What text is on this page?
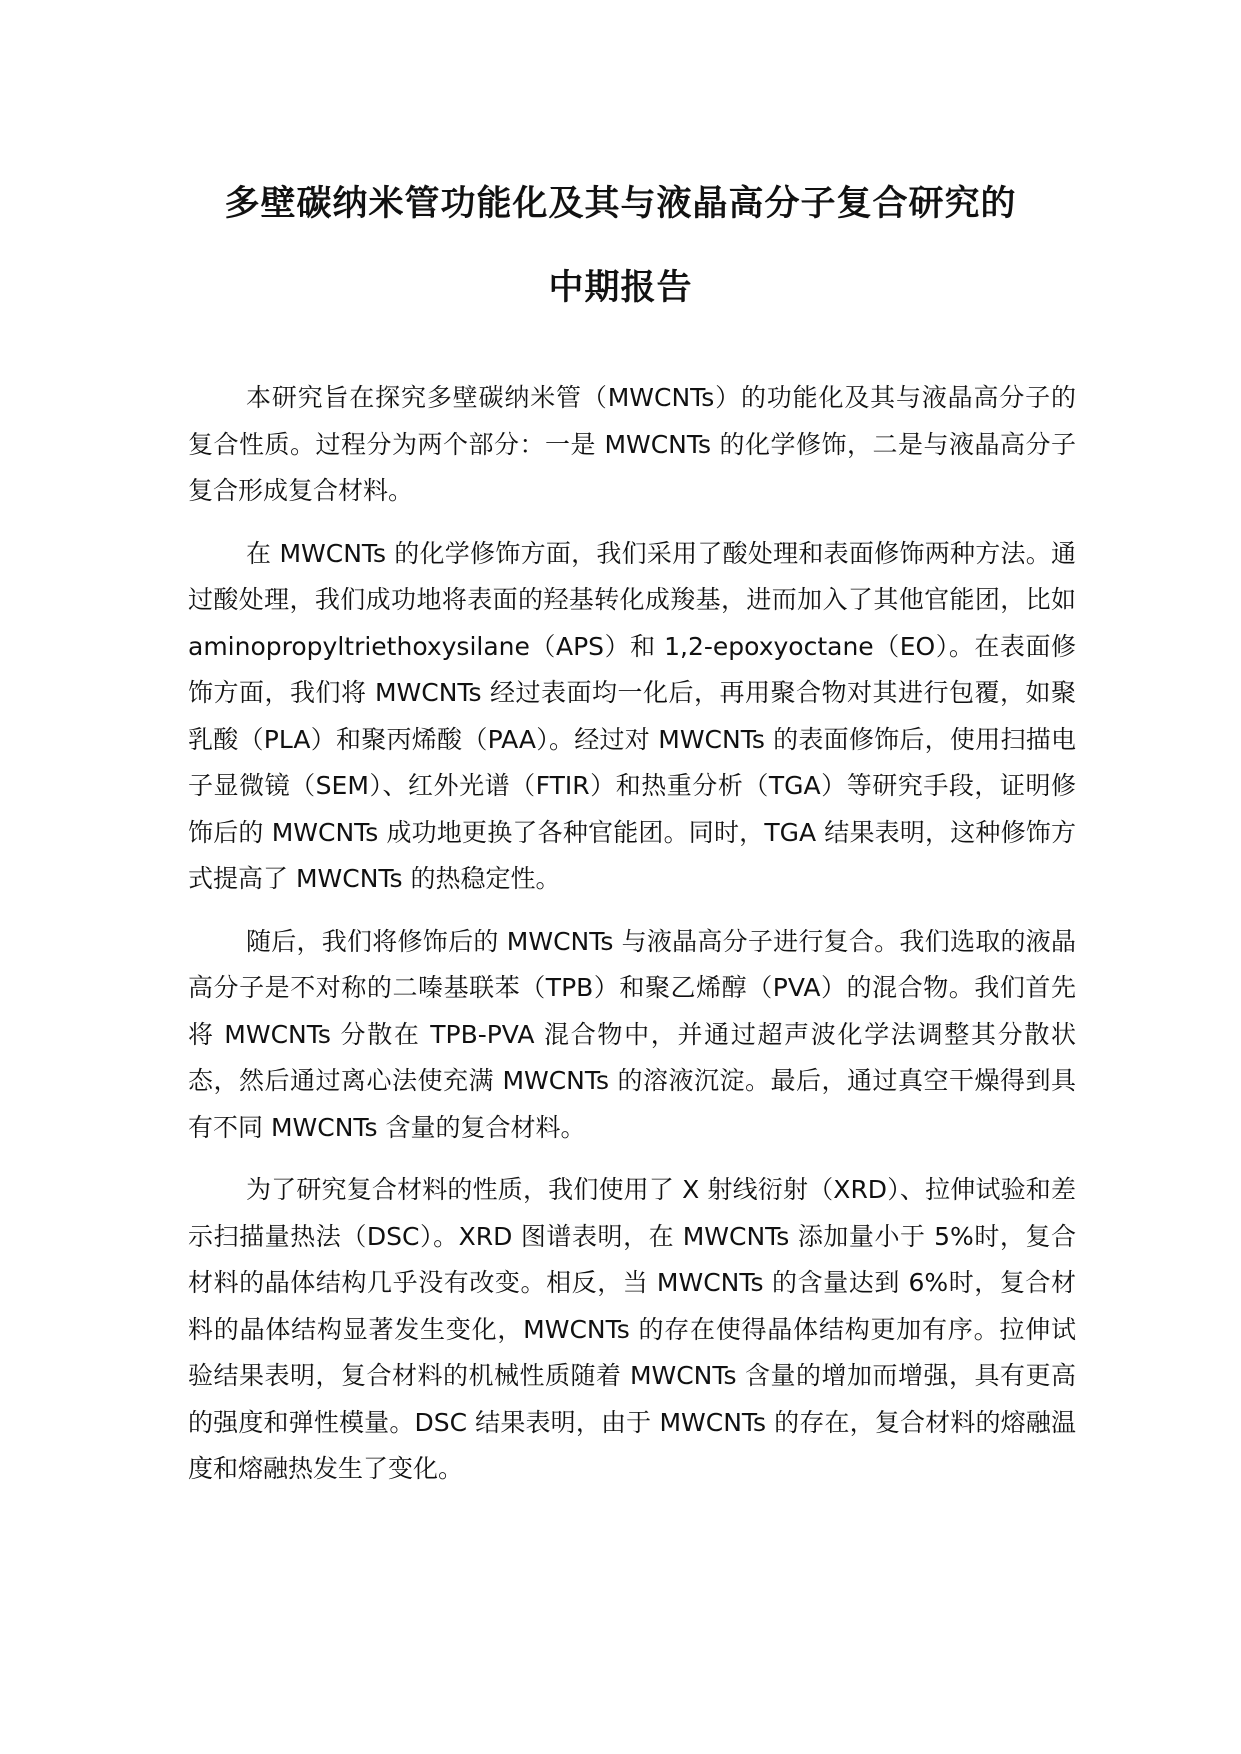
多壁碳纳米管功能化及其与液晶高分子复合研究的
中期报告

本研究旨在探究多壁碳纳米管（MWCNTs）的功能化及其与液晶高分子的复合性质。过程分为两个部分：一是 MWCNTs 的化学修饰，二是与液晶高分子复合形成复合材料。

在 MWCNTs 的化学修饰方面，我们采用了酸处理和表面修饰两种方法。通过酸处理，我们成功地将表面的羟基转化成羧基，进而加入了其他官能团，比如 aminopropyltriethoxysilane（APS）和 1,2-epoxyoctane（EO）。在表面修饰方面，我们将 MWCNTs 经过表面均一化后，再用聚合物对其进行包覆，如聚乳酸（PLA）和聚丙烯酸（PAA）。经过对 MWCNTs 的表面修饰后，使用扫描电子显微镜（SEM）、红外光谱（FTIR）和热重分析（TGA）等研究手段，证明修饰后的 MWCNTs 成功地更换了各种官能团。同时，TGA 结果表明，这种修饰方式提高了 MWCNTs 的热稳定性。

随后，我们将修饰后的 MWCNTs 与液晶高分子进行复合。我们选取的液晶高分子是不对称的二嗪基联苯（TPB）和聚乙烯醇（PVA）的混合物。我们首先将 MWCNTs 分散在 TPB-PVA 混合物中，并通过超声波化学法调整其分散状态，然后通过离心法使充满 MWCNTs 的溶液沉淀。最后，通过真空干燥得到具有不同 MWCNTs 含量的复合材料。

为了研究复合材料的性质，我们使用了 X 射线衍射（XRD）、拉伸试验和差示扫描量热法（DSC）。XRD 图谱表明，在 MWCNTs 添加量小于 5%时，复合材料的晶体结构几乎没有改变。相反，当 MWCNTs 的含量达到 6%时，复合材料的晶体结构显著发生变化，MWCNTs 的存在使得晶体结构更加有序。拉伸试验结果表明，复合材料的机械性质随着 MWCNTs 含量的增加而增强，具有更高的强度和弹性模量。DSC 结果表明，由于 MWCNTs 的存在，复合材料的熔融温度和熔融热发生了变化。
